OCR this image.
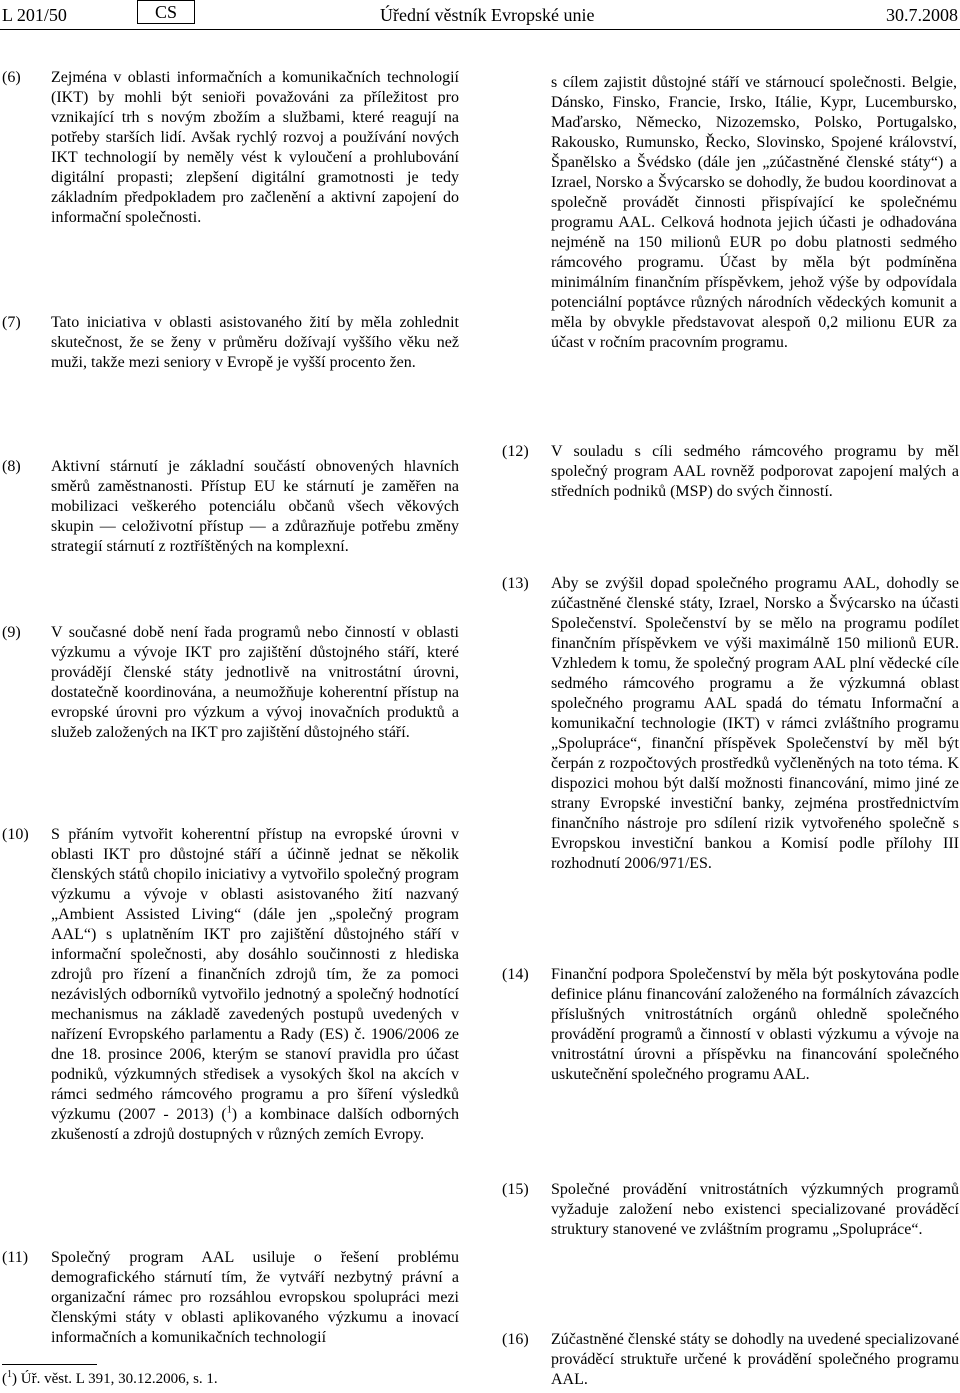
L 201/50	CS	Úřední věstník Evropské unie	30.7.2008
(6) Zejména v oblasti informačních a komunikačních technologií (IKT) by mohli být senioři považováni za příležitost pro vznikající trh s novým zbožím a službami, které reagují na potřeby starších lidí. Avšak rychlý rozvoj a používání nových IKT technologií by neměly vést k vyloučení a prohlubování digitální propasti; zlepšení digitální gramotnosti je tedy základním předpokladem pro začlenění a aktivní zapojení do informační společnosti.
(7) Tato iniciativa v oblasti asistovaného žití by měla zohlednit skutečnost, že se ženy v průměru dožívají vyššího věku než muži, takže mezi seniory v Evropě je vyšší procento žen.
(8) Aktivní stárnutí je základní součástí obnovených hlavních směrů zaměstnanosti. Přístup EU ke stárnutí je zaměřen na mobilizaci veškerého potenciálu občanů všech věkových skupin — celoživotní přístup — a zdůrazňuje potřebu změny strategií stárnutí z roztříštěných na komplexní.
(9) V současné době není řada programů nebo činností v oblasti výzkumu a vývoje IKT pro zajištění důstojného stáří, které provádějí členské státy jednotlivě na vnitrostátní úrovni, dostatečně koordinována, a neumožňuje koherentní přístup na evropské úrovni pro výzkum a vývoj inovačních produktů a služeb založených na IKT pro zajištění důstojného stáří.
(10) S přáním vytvořit koherentní přístup na evropské úrovni v oblasti IKT pro důstojné stáří a účinně jednat se několik členských států chopilo iniciativy a vytvořilo společný program výzkumu a vývoje v oblasti asistovaného žití nazvaný „Ambient Assisted Living“ (dále jen „společný program AAL“) s uplatněním IKT pro zajištění důstojného stáří v informační společnosti, aby dosáhlo součinnosti z hlediska zdrojů pro řízení a finančních zdrojů tím, že za pomoci nezávislých odborníků vytvořilo jednotný a společný hodnotící mechanismus na základě zavedených postupů uvedených v nařízení Evropského parlamentu a Rady (ES) č. 1906/2006 ze dne 18. prosince 2006, kterým se stanoví pravidla pro účast podniků, výzkumných středisek a vysokých škol na akcích v rámci sedmého rámcového programu a pro šíření výsledků výzkumu (2007 - 2013) ($^1$) a kombinace dalších odborných zkušeností a zdrojů dostupných v různých zemích Evropy.
(11) Společný program AAL usiluje o řešení problému demografického stárnutí tím, že vytváří nezbytný právní a organizační rámec pro rozsáhlou evropskou spolupráci mezi členskými státy v oblasti aplikovaného výzkumu a inovací informačních a komunikačních technologií
s cílem zajistit důstojné stáří ve stárnoucí společnosti. Belgie, Dánsko, Finsko, Francie, Irsko, Itálie, Kypr, Lucembursko, Maďarsko, Německo, Nizozemsko, Polsko, Portugalsko, Rakousko, Rumunsko, Řecko, Slovinsko, Spojené království, Španělsko a Švédsko (dále jen „zúčastněné členské státy“) a Izrael, Norsko a Švýcarsko se dohodly, že budou koordinovat a společně provádět činnosti přispívající ke společnému programu AAL. Celková hodnota jejich účasti je odhadována nejméně na 150 milionů EUR po dobu platnosti sedmého rámcového programu. Účast by měla být podmíněna minimálním finančním příspěvkem, jehož výše by odpovídala potenciální poptávce různých národních vědeckých komunit a měla by obvykle představovat alespoň 0,2 milionu EUR za účast v ročním pracovním programu.
(12) V souladu s cíli sedmého rámcového programu by měl společný program AAL rovněž podporovat zapojení malých a středních podniků (MSP) do svých činností.
(13) Aby se zvýšil dopad společného programu AAL, dohodly se zúčastněné členské státy, Izrael, Norsko a Švýcarsko na účasti Společenství. Společenství by se mělo na programu podílet finančním příspěvkem ve výši maximálně 150 milionů EUR. Vzhledem k tomu, že společný program AAL plní vědecké cíle sedmého rámcového programu a že výzkumná oblast společného programu AAL spadá do tématu Informační a komunikační technologie (IKT) v rámci zvláštního programu „Spolupráce“, finanční příspěvek Společenství by měl být čerpán z rozpočtových prostředků vyčleněných na toto téma. K dispozici mohou být další možnosti financování, mimo jiné ze strany Evropské investiční banky, zejména prostřednictvím finančního nástroje pro sdílení rizik vytvořeného společně s Evropskou investiční bankou a Komisí podle přílohy III rozhodnutí 2006/971/ES.
(14) Finanční podpora Společenství by měla být poskytována podle definice plánu financování založeného na formálních závazcích příslušných vnitrostátních orgánů ohledně společného provádění programů a činností v oblasti výzkumu a vývoje na vnitrostátní úrovni a příspěvku na financování společného uskutečnění společného programu AAL.
(15) Společné provádění vnitrostátních výzkumných programů vyžaduje založení nebo existenci specializované prováděcí struktury stanovené ve zvláštním programu „Spolupráce“.
(16) Zúčastněné členské státy se dohodly na uvedené specializované prováděcí struktuře určené k provádění společného programu AAL.
($^1$) Úř. věst. L 391, 30.12.2006, s. 1.
